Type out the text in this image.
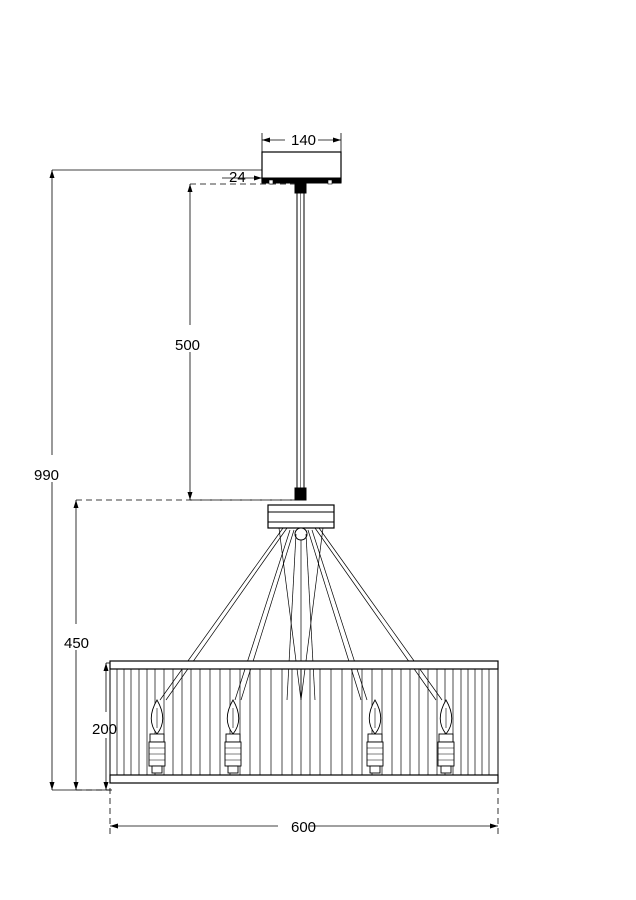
140
24
500
990
450
200
600
